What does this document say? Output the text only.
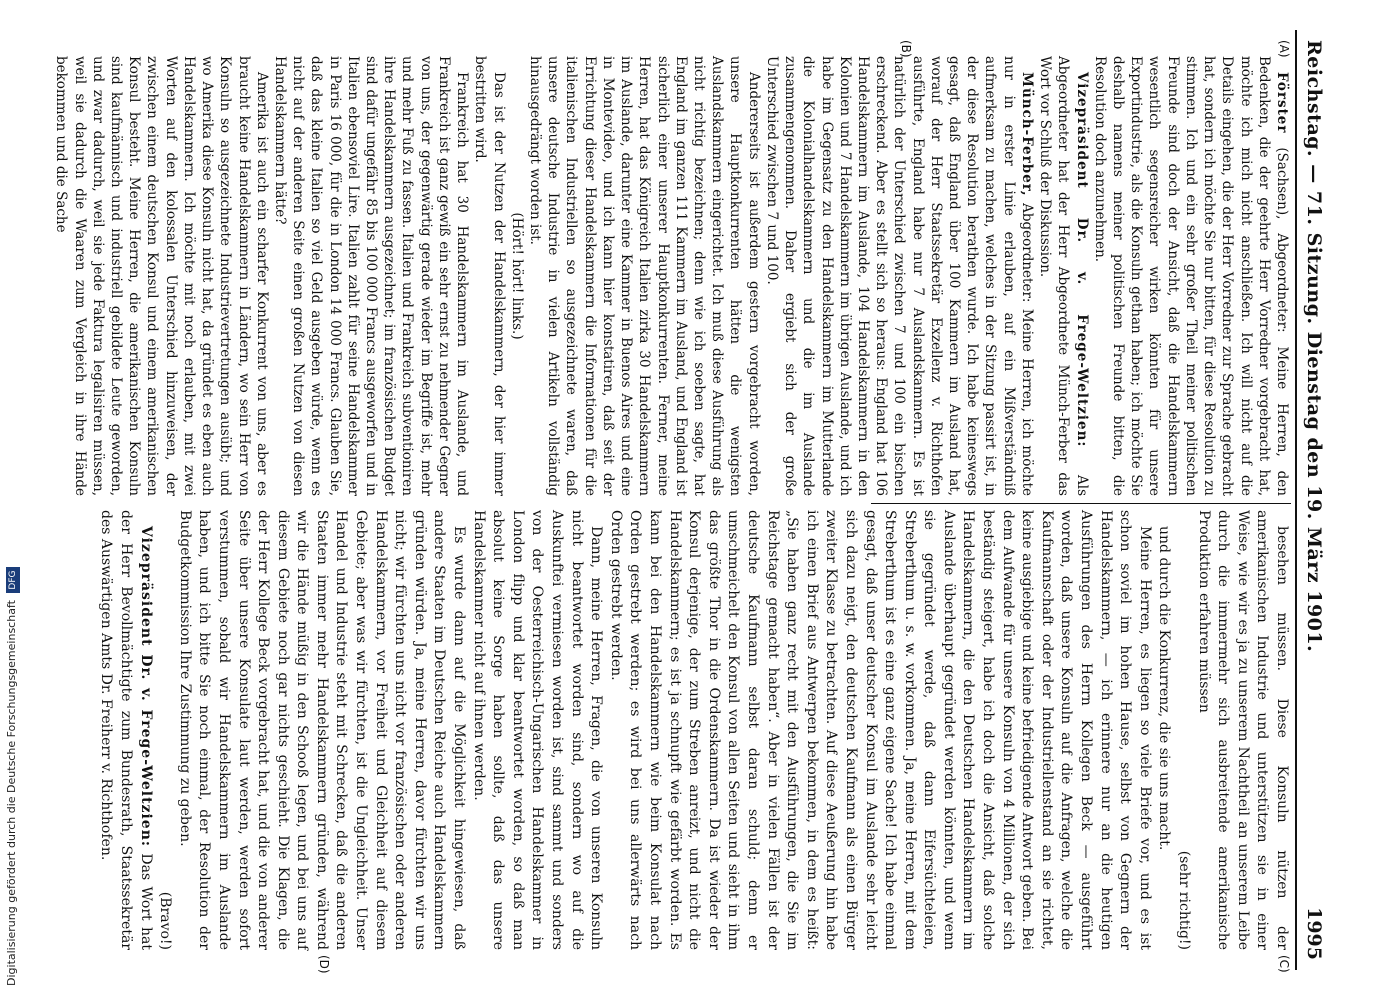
Reichstag. — 71. Sitzung. Dienstag den 19. März 1901.
1995
(A)
(B)
(C)
(D)

Förster (Sachsen), Abgeordneter: Meine Herren, den Bedenken, die der geehrte Herr Vorredner vorgebracht hat, möchte ich mich nicht anschließen. Ich will nicht auf die Details eingehen, die der Herr Vorredner zur Sprache gebracht hat, sondern ich möchte Sie nur bitten, für diese Resolution zu stimmen. Ich und ein sehr großer Theil meiner politischen Freunde sind doch der Ansicht, daß die Handelskammern wesentlich segensreicher wirken könnten für unsere Exportindustrie, als die Konsuln gethan haben; ich möchte Sie deshalb namens meiner politischen Freunde bitten, die Resolution doch anzunehmen.

Vizepräsident Dr. v. Frege-Weltzien: Als Abgeordneter hat der Herr Abgeordnete Münch-Ferber das Wort vor Schluß der Diskussion.

Münch-Ferber, Abgeordneter: Meine Herren, ich möchte nur in erster Linie erlauben, auf ein Mißverständniß aufmerksam zu machen, welches in der Sitzung passirt ist, in der diese Resolution berathen wurde. Ich habe keineswegs gesagt, daß England über 100 Kammern im Ausland hat, worauf der Herr Staatssekretär Exzellenz v. Richthofen ausführte, England habe nur 7 Auslandskammern. Es ist natürlich der Unterschied zwischen 7 und 100 ein bischen erschreckend. Aber es stellt sich so heraus: England hat 106 Handelskammern im Auslande, 104 Handelskammern in den Kolonien und 7 Handelskammern im übrigen Auslande, und ich habe im Gegensatz zu den Handelskammern im Mutterlande die Kolonialhandelskammern und die im Auslande zusammengenommen. Daher ergiebt sich der große Unterschied zwischen 7 und 100.

Andererseits ist außerdem gestern vorgebracht worden, unsere Hauptkonkurrenten hätten die wenigsten Auslandskammern eingerichtet. Ich muß diese Ausführung als nicht richtig bezeichnen; denn wie ich soeben sagte, hat England im ganzen 111 Kammern im Ausland, und England ist sicherlich einer unserer Hauptkonkurrenten. Ferner, meine Herren, hat das Königreich Italien zirka 30 Handelskammern im Auslande, darunter eine Kammer in Buenos Aires und eine in Montevideo, und ich kann hier konstatiren, daß seit der Errichtung dieser Handelskammern die Informationen für die italienischen Industriellen so ausgezeichnete waren, daß unsere deutsche Industrie in vielen Artikeln vollständig hinausgedrängt worden ist.

(Hört! hört! links.)

Das ist der Nutzen der Handelskammern, der hier immer bestritten wird.

Frankreich hat 30 Handelskammern im Auslande, und Frankreich ist ganz gewiß ein sehr ernst zu nehmender Gegner von uns, der gegenwärtig gerade wieder im Begriffe ist, mehr und mehr Fuß zu fassen. Italien und Frankreich subventioniren ihre Handelskammern ausgezeichnet; im französischen Budget sind dafür ungefähr 85 bis 100 000 Francs ausgeworfen und in Italien ebensoviel Lire. Italien zahlt für seine Handelskammer in Paris 16 000, für die in London 14 000 Francs. Glauben Sie, daß das kleine Italien so viel Geld ausgeben würde, wenn es nicht auf der anderen Seite einen großen Nutzen von diesen Handelskammern hätte?

Amerika ist auch ein scharfer Konkurrent von uns, aber es braucht keine Handelskammern in Ländern, wo sein Herr von Konsuln so ausgezeichnete Industrievertretungen ausübt; und wo Amerika diese Konsuln nicht hat, da gründet es eben auch Handelskammern. Ich möchte mit noch erlauben, mit zwei Worten auf den kolossalen Unterschied hinzuweisen, der zwischen einem deutschen Konsul und einem amerikanischen Konsul besteht. Meine Herren, die amerikanischen Konsuln sind kaufmännisch und industriell gebildete Leute geworden, und zwar dadurch, weil sie jede Faktura legalisiren müssen, weil sie dadurch die Waaren zum Vergleich in ihre Hände bekommen und die Sache

besehen müssen. Diese Konsuln nützen der amerikanischen Industrie und unterstützen sie in einer Weise, wie wir es ja zu unserem Nachtheil an unserem Leibe durch die immermehr sich ausbreitende amerikanische Produktion erfahren müssen

(sehr richtig!)

und durch die Konkurrenz, die sie uns macht.

Meine Herren, es liegen so viele Briefe vor, und es ist schon soviel im hohen Hause, selbst von Gegnern der Handelskammern, — ich erinnere nur an die heutigen Ausführungen des Herrn Kollegen Beck — ausgeführt worden, daß unsere Konsuln auf die Anfragen, welche die Kaufmannschaft oder der Industriellenstand an sie richtet, keine ausgiebige und keine befriedigende Antwort geben. Bei dem Aufwande für unsere Konsuln von 4 Millionen, der sich beständig steigert, habe ich doch die Ansicht, daß solche Handelskammern, die den Deutschen Handelskammern im Auslande überhaupt gegründet werden könnten, und wenn sie gegründet werde, daß dann Eifersüchteleien, Streberthum u. s. w. vorkommen. Ja, meine Herren, mit dem Streberthum ist es eine ganz eigene Sache! Ich habe einmal gesagt, daß unser deutscher Konsul im Auslande sehr leicht sich dazu neigt, den deutschen Kaufmann als einen Bürger zweiter Klasse zu betrachten. Auf diese Aeußerung hin habe ich einen Brief aus Antwerpen bekommen, in dem es heißt: „Sie haben ganz recht mit den Ausführungen, die Sie im Reichstage gemacht haben“. Aber in vielen Fällen ist der deutsche Kaufmann selbst daran schuld; denn er umschmeichelt den Konsul von allen Seiten und sieht in ihm das größte Thor in die Ordenskammern. Da ist wieder der Konsul derjenige, der zum Streben anreizt, und nicht die Handelskammern; es ist ja schnupft wie gefärbt worden. Es kann bei den Handelskammern wie beim Konsulat nach Orden gestrebt werden; es wird bei uns allerwärts nach Orden gestrebt werden.

Dann, meine Herren, Fragen, die von unseren Konsuln nicht beantwortet worden sind, sondern wo auf die Auskunftei vermiesen worden ist, sind sammt und sonders von der Oesterreichisch-Ungarischen Handelskammer in London flipp und klar beantwortet worden, so daß man absolut keine Sorge haben sollte, daß das unsere Handelskammer nicht auf ihnen werden.

Es wurde dann auf die Möglichkeit hingewiesen, daß andere Staaten im Deutschen Reiche auch Handelskammern gründen würden. Ja, meine Herren, davor fürchten wir uns nicht; wir fürchten uns nicht vor französischen oder anderen Handelskammern, vor Freiheit und Gleichheit auf diesem Gebiete; aber was wir fürchten, ist die Ungleichheit. Unser Handel und Industrie steht mit Schrecken, daß die anderen Staaten immer mehr Handelskammern gründen, während wir die Hände müßig in den Schooß legen, und bei uns auf diesem Gebiete noch gar nichts geschieht. Die Klagen, die der Herr Kollege Beck vorgebracht hat, und die von anderer Seite über unsere Konsulate laut werden, werden sofort verstummen, sobald wir Handelskammern im Auslande haben, und ich bitte Sie noch einmal, der Resolution der Budgetkommission Ihre Zustimmung zu geben.

(Bravo!)

Vizepräsident Dr. v. Frege-Weltzien: Das Wort hat der Herr Bevollmächtigte zum Bundesrath, Staatssekretär des Auswärtigen Amts Dr. Freiherr v. Richthofen.

Digitalisierung gefördert durch die Deutsche Forschungsgemeinschaft DFG
